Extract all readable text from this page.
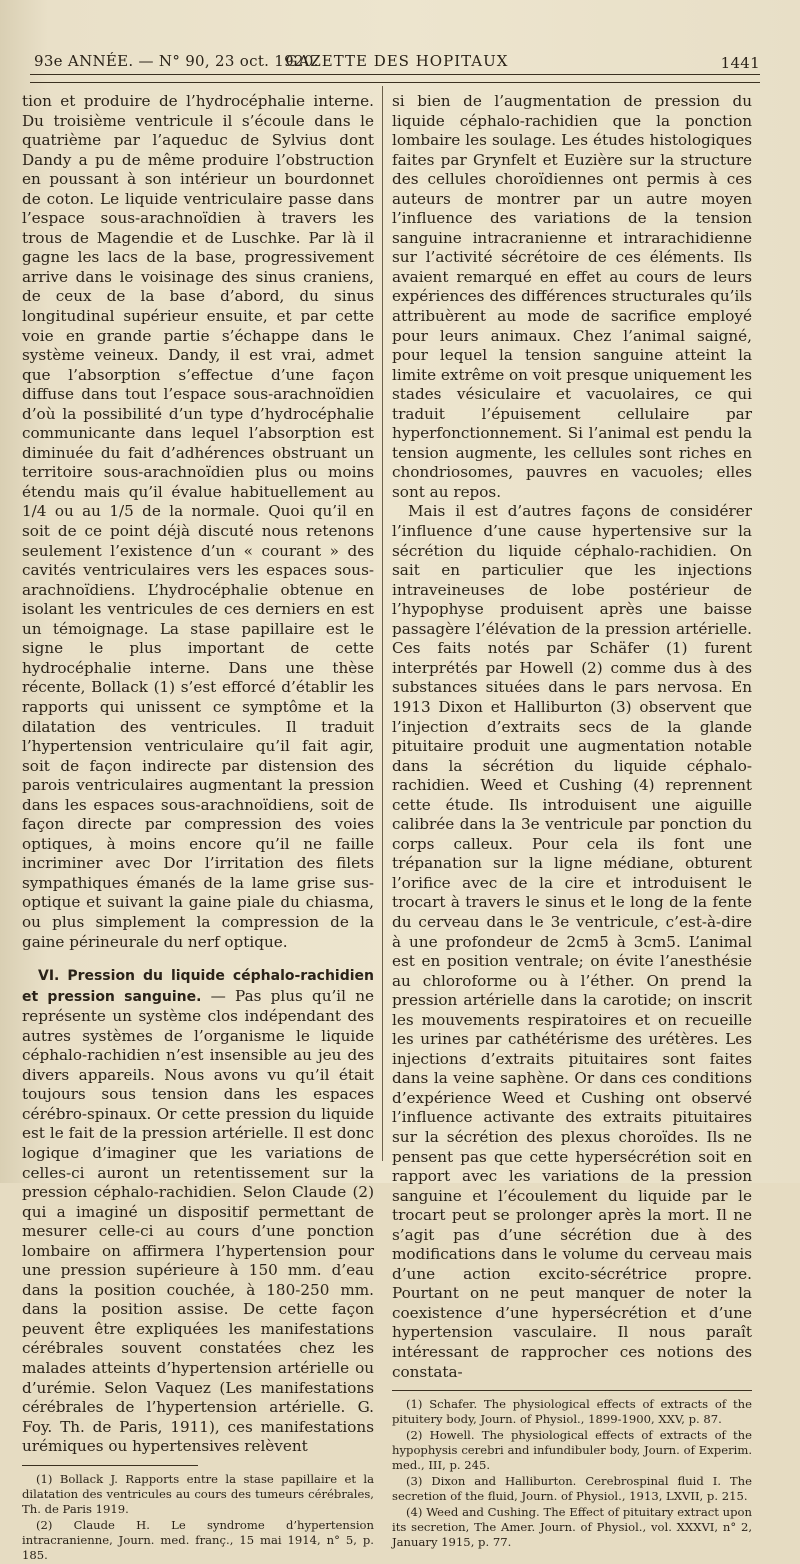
93e ANNÉE. — N° 90, 23 oct. 1920.
GAZETTE DES HOPITAUX	1441

tion et produire de l’hydrocéphalie interne. Du troisième ventricule il s’écoule dans le quatrième par l’aqueduc de Sylvius dont Dandy a pu de même produire l’obstruction en poussant à son intérieur un bourdonnet de coton. Le liquide ventriculaire passe dans l’espace sous-arachnoïdien à travers les trous de Magendie et de Luschke. Par là il gagne les lacs de la base, progressivement arrive dans le voisinage des sinus craniens, de ceux de la base d’abord, du sinus longitudinal supérieur ensuite, et par cette voie en grande partie s’échappe dans le système veineux. Dandy, il est vrai, admet que l’absorption s’effectue d’une façon diffuse dans tout l’espace sous-arachnoïdien d’où la possibilité d’un type d’hydrocéphalie communicante dans lequel l’absorption est diminuée du fait d’adhérences obstruant un territoire sous-arachnoïdien plus ou moins étendu mais qu’il évalue habituellement au 1/4 ou au 1/5 de la normale. Quoi qu’il en soit de ce point déjà discuté nous retenons seulement l’existence d’un « courant » des cavités ventriculaires vers les espaces sous-arachnoïdiens. L’hydrocéphalie obtenue en isolant les ventricules de ces derniers en est un témoignage. La stase papillaire est le signe le plus important de cette hydrocéphalie interne. Dans une thèse récente, Bollack (1) s’est efforcé d’établir les rapports qui unissent ce symptôme et la dilatation des ventricules. Il traduit l’hypertension ventriculaire qu’il fait agir, soit de façon indirecte par distension des parois ventriculaires augmentant la pression dans les espaces sous-arachnoïdiens, soit de façon directe par compression des voies optiques, à moins encore qu’il ne faille incriminer avec Dor l’irritation des filets sympathiques émanés de la lame grise sus-optique et suivant la gaine piale du chiasma, ou plus simplement la compression de la gaine périneurale du nerf optique.

VI. Pression du liquide céphalo-rachidien et pression sanguine. — Pas plus qu’il ne représente un système clos indépendant des autres systèmes de l’organisme le liquide céphalo-rachidien n’est insensible au jeu des divers appareils. Nous avons vu qu’il était toujours sous tension dans les espaces cérébro-spinaux. Or cette pression du liquide est le fait de la pression artérielle. Il est donc logique d’imaginer que les variations de celles-ci auront un retentissement sur la pression céphalo-rachidien. Selon Claude (2) qui a imaginé un dispositif permettant de mesurer celle-ci au cours d’une ponction lombaire on affirmera l’hypertension pour une pression supérieure à 150 mm. d’eau dans la position couchée, à 180-250 mm. dans la position assise. De cette façon peuvent être expliquées les manifestations cérébrales souvent constatées chez les malades atteints d’hypertension artérielle ou d’urémie. Selon Vaquez (Les manifestations cérébrales de l’hypertension artérielle. G. Foy. Th. de Paris, 1911), ces manifestations urémiques ou hypertensives relèvent

(1) Bollack J. Rapports entre la stase papillaire et la dilatation des ventricules au cours des tumeurs cérébrales, Th. de Paris 1919.

(2) Claude H. Le syndrome d’hypertension intracranienne, Journ. med. franç., 15 mai 1914, n° 5, p. 185.

si bien de l’augmentation de pression du liquide céphalo-rachidien que la ponction lombaire les soulage. Les études histologiques faites par Grynfelt et Euzière sur la structure des cellules choroïdiennes ont permis à ces auteurs de montrer par un autre moyen l’influence des variations de la tension sanguine intracranienne et intrarachidienne sur l’activité sécrétoire de ces éléments. Ils avaient remarqué en effet au cours de leurs expériences des différences structurales qu’ils attribuèrent au mode de sacrifice employé pour leurs animaux. Chez l’animal saigné, pour lequel la tension sanguine atteint la limite extrême on voit presque uniquement les stades vésiculaire et vacuolaires, ce qui traduit l’épuisement cellulaire par hyperfonctionnement. Si l’animal est pendu la tension augmente, les cellules sont riches en chondriosomes, pauvres en vacuoles; elles sont au repos.

Mais il est d’autres façons de considérer l’influence d’une cause hypertensive sur la sécrétion du liquide céphalo-rachidien. On sait en particulier que les injections intraveineuses de lobe postérieur de l’hypophyse produisent après une baisse passagère l’élévation de la pression artérielle. Ces faits notés par Schäfer (1) furent interprétés par Howell (2) comme dus à des substances situées dans le pars nervosa. En 1913 Dixon et Halliburton (3) observent que l’injection d’extraits secs de la glande pituitaire produit une augmentation notable dans la sécrétion du liquide céphalo-rachidien. Weed et Cushing (4) reprennent cette étude. Ils introduisent une aiguille calibrée dans la 3e ventricule par ponction du corps calleux. Pour cela ils font une trépanation sur la ligne médiane, obturent l’orifice avec de la cire et introduisent le trocart à travers le sinus et le long de la fente du cerveau dans le 3e ventricule, c’est-à-dire à une profondeur de 2cm5 à 3cm5. L’animal est en position ventrale; on évite l’anesthésie au chloroforme ou à l’éther. On prend la pression artérielle dans la carotide; on inscrit les mouvements respiratoires et on recueille les urines par cathétérisme des urétères. Les injections d’extraits pituitaires sont faites dans la veine saphène. Or dans ces conditions d’expérience Weed et Cushing ont observé l’influence activante des extraits pituitaires sur la sécrétion des plexus choroïdes. Ils ne pensent pas que cette hypersécrétion soit en rapport avec les variations de la pression sanguine et l’écoulement du liquide par le trocart peut se prolonger après la mort. Il ne s’agit pas d’une sécrétion due à des modifications dans le volume du cerveau mais d’une action excito-sécrétrice propre. Pourtant on ne peut manquer de noter la coexistence d’une hypersécrétion et d’une hypertension vasculaire. Il nous paraît intéressant de rapprocher ces notions des constata-

(1) Schafer. The physiological effects of extracts of the pituitery body, Journ. of Physiol., 1899-1900, XXV, p. 87.

(2) Howell. The physiological effects of extracts of the hypophysis cerebri and infundibuler body, Journ. of Experim. med., III, p. 245.

(3) Dixon and Halliburton. Cerebrospinal fluid I. The secretion of the fluid, Journ. of Physiol., 1913, LXVII, p. 215.

(4) Weed and Cushing. The Effect of pituitary extract upon its secretion, The Amer. Journ. of Physiol., vol. XXXVI, n° 2, January 1915, p. 77.
